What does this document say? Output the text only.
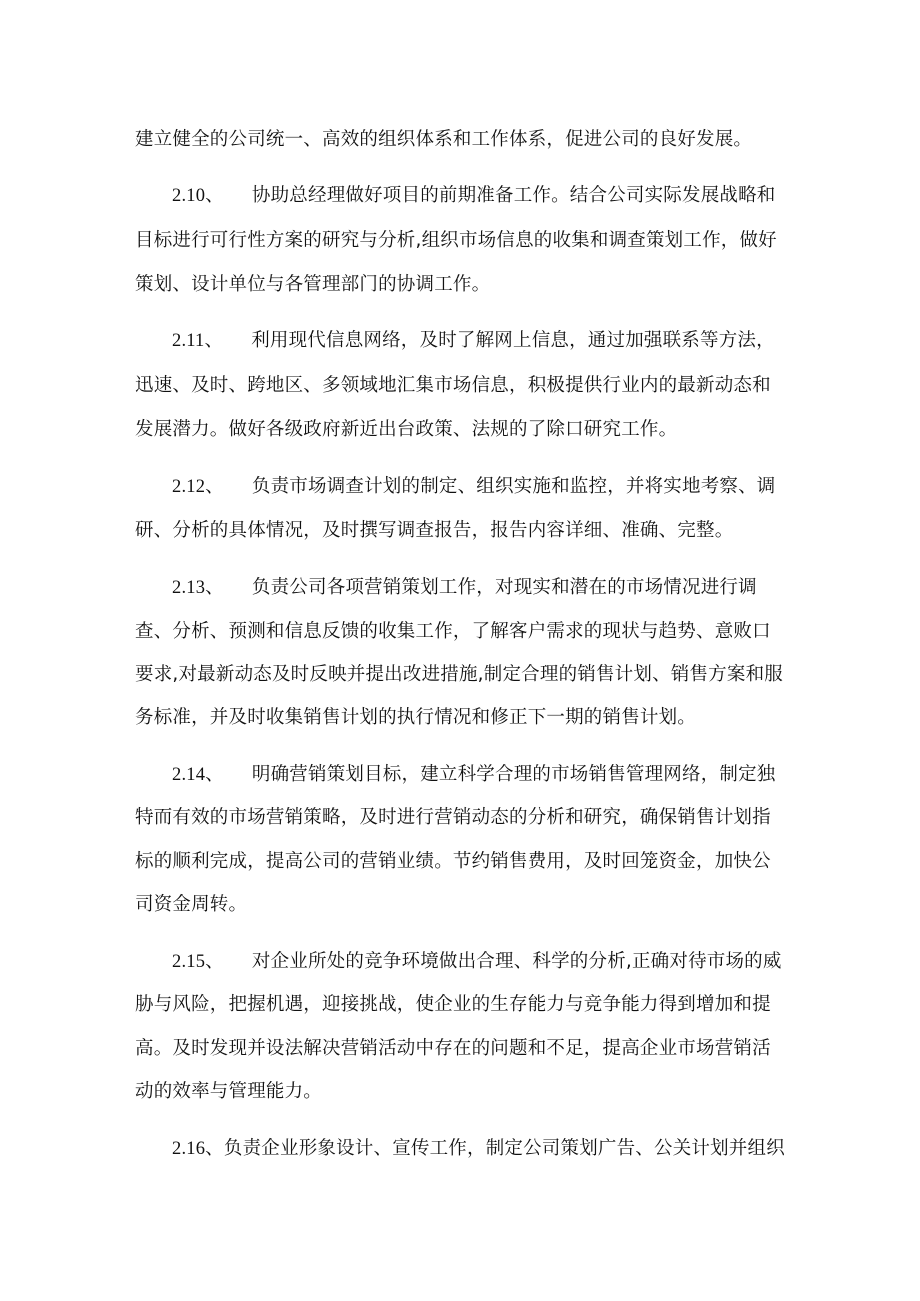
建立健全的公司统一、高效的组织体系和工作体系，促进公司的良好发展。
2.10、 协助总经理做好项目的前期准备工作。结合公司实际发展战略和
目标进行可行性方案的研究与分析,组织市场信息的收集和调查策划工作，做好
策划、设计单位与各管理部门的协调工作。
2.11、 利用现代信息网络，及时了解网上信息，通过加强联系等方法，
迅速、及时、跨地区、多领域地汇集市场信息，积极提供行业内的最新动态和
发展潜力。做好各级政府新近出台政策、法规的了除口研究工作。
2.12、 负责市场调查计划的制定、组织实施和监控，并将实地考察、调
研、分析的具体情况，及时撰写调查报告，报告内容详细、准确、完整。
2.13、 负责公司各项营销策划工作，对现实和潜在的市场情况进行调
查、分析、预测和信息反馈的收集工作，了解客户需求的现状与趋势、意败口
要求,对最新动态及时反映并提出改进措施,制定合理的销售计划、销售方案和服
务标准，并及时收集销售计划的执行情况和修正下一期的销售计划。
2.14、 明确营销策划目标，建立科学合理的市场销售管理网络，制定独
特而有效的市场营销策略，及时进行营销动态的分析和研究，确保销售计划指
标的顺利完成，提高公司的营销业绩。节约销售费用，及时回笼资金，加快公
司资金周转。
2.15、 对企业所处的竞争环境做出合理、科学的分析,正确对待市场的威
胁与风险，把握机遇，迎接挑战，使企业的生存能力与竞争能力得到增加和提
高。及时发现并设法解决营销活动中存在的问题和不足，提高企业市场营销活
动的效率与管理能力。
2.16、负责企业形象设计、宣传工作，制定公司策划广告、公关计划并组织
